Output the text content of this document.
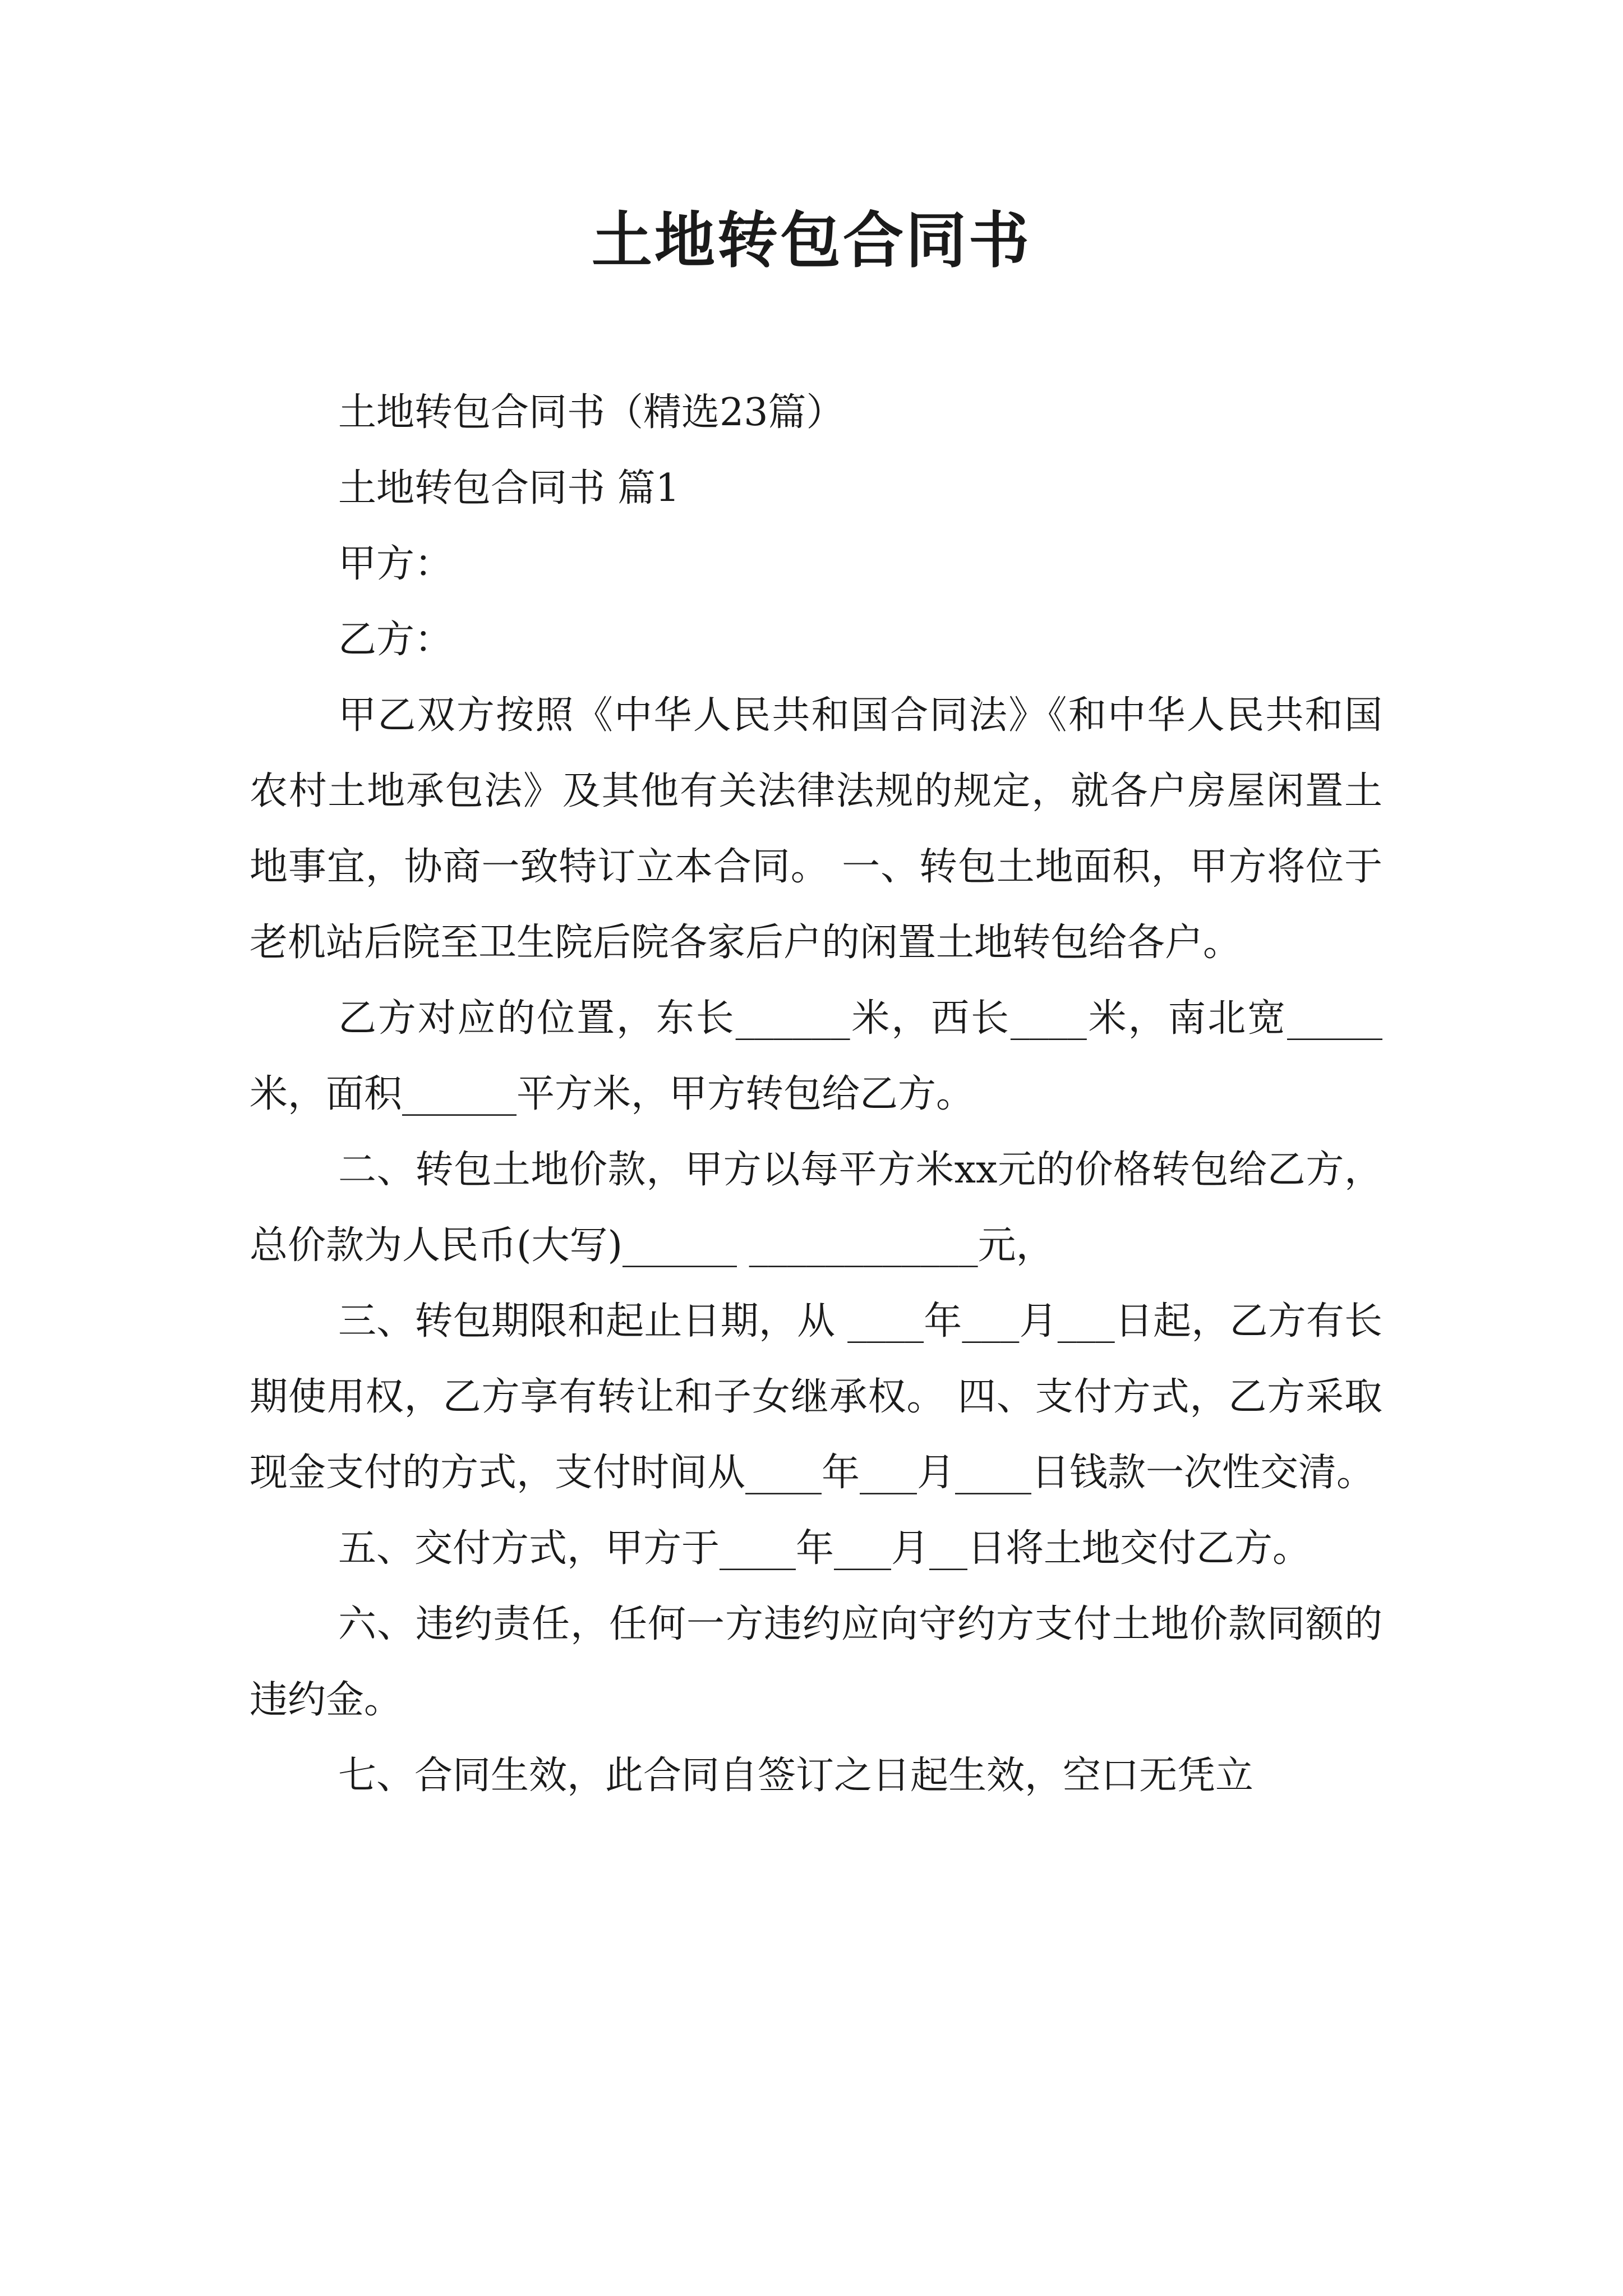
土地转包合同书

土地转包合同书（精选23篇）

土地转包合同书 篇1

甲方：

乙方：

甲乙双方按照《中华人民共和国合同法》《和中华人民共和国农村土地承包法》及其他有关法律法规的规定，就各户房屋闲置土地事宜，协商一致特订立本合同。 一、转包土地面积，甲方将位于老机站后院至卫生院后院各家后户的闲置土地转包给各户。

乙方对应的位置，东长______米，西长____米，南北宽_____米，面积______平方米，甲方转包给乙方。

二、转包土地价款，甲方以每平方米xx元的价格转包给乙方，总价款为人民币(大写)______ ____________元，

三、转包期限和起止日期，从 ____年___月___日起，乙方有长期使用权，乙方享有转让和子女继承权。 四、支付方式，乙方采取现金支付的方式，支付时间从____年___月____日钱款一次性交清。

五、交付方式，甲方于____年___月__日将土地交付乙方。

六、违约责任，任何一方违约应向守约方支付土地价款同额的违约金。

七、合同生效，此合同自签订之日起生效，空口无凭立
